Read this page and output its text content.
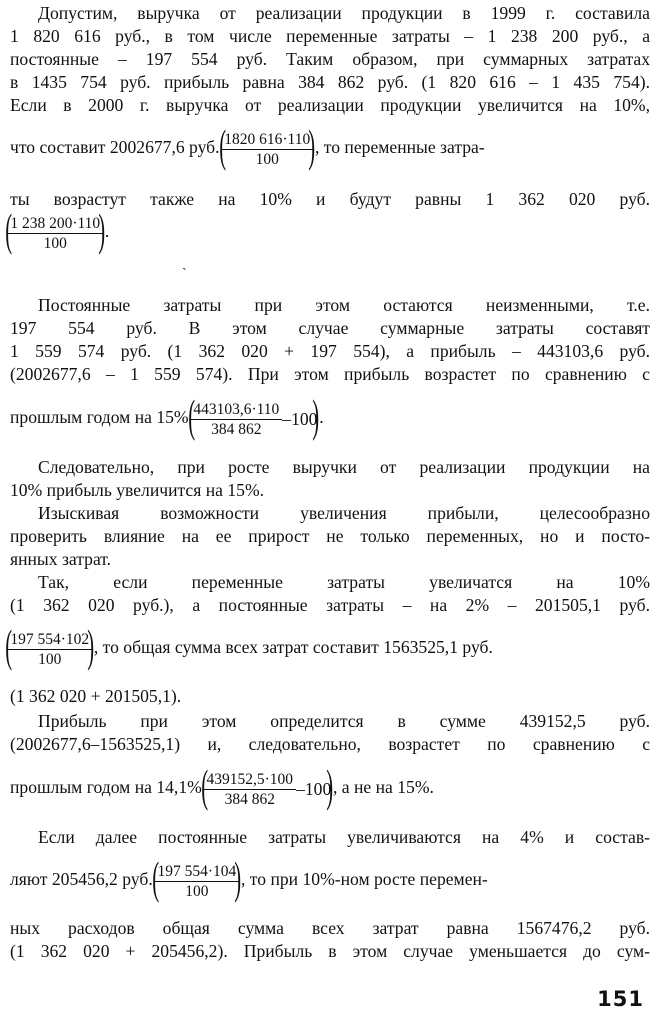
Допустим, выручка от реализации продукции в 1999 г. составила
1 820 616 руб., в том числе переменные затраты – 1 238 200 руб., а
постоянные – 197 554 руб. Таким образом, при суммарных затратах
в 1435 754 руб. прибыль равна 384 862 руб. (1 820 616 – 1 435 754).
Если в 2000 г. выручка от реализации продукции увеличится на 10%,
что составит 2002677,6 руб. (
$\frac{1820 616\cdot 110}{100}$
) , то переменные затра-
ты возрастут также на 10% и будут равны 1 362 020 руб.
(
$\frac{1 238 200\cdot 110}{100}$
) .
ˎ
Постоянные затраты при этом остаются неизменными, т.е.
197 554 руб. В этом случае суммарные затраты составят
1 559 574 руб. (1 362 020 + 197 554), а прибыль – 443103,6 руб.
(2002677,6 – 1 559 574). При этом прибыль возрастет по сравнению с
прошлым годом на 15% (
$\frac{443103,6\cdot 110}{384 862} -100$
) .
Следовательно, при росте выручки от реализации продукции на
10% прибыль увеличится на 15%.
Изыскивая возможности увеличения прибыли, целесообразно
проверить влияние на ее прирост не только переменных, но и посто-
янных затрат.
Так, если переменные затраты увеличатся на 10%
(1 362 020 руб.), а постоянные затраты – на 2% – 201505,1 руб.
(
$\frac{197 554\cdot 102}{100}$
) , то общая сумма всех затрат составит 1563525,1 руб.
(1 362 020 + 201505,1).
Прибыль при этом определится в сумме 439152,5 руб.
(2002677,6–1563525,1) и, следовательно, возрастет по сравнению с
прошлым годом на 14,1% (
$\frac{439152,5\cdot 100}{384 862} -100$
) , а не на 15%.
Если далее постоянные затраты увеличиваются на 4% и состав-
ляют 205456,2 руб. (
$\frac{197 554\cdot 104}{100}$
) , то при 10%-ном росте перемен-
ных расходов общая сумма всех затрат равна 1567476,2 руб.
(1 362 020 + 205456,2). Прибыль в этом случае уменьшается до сум-
151
